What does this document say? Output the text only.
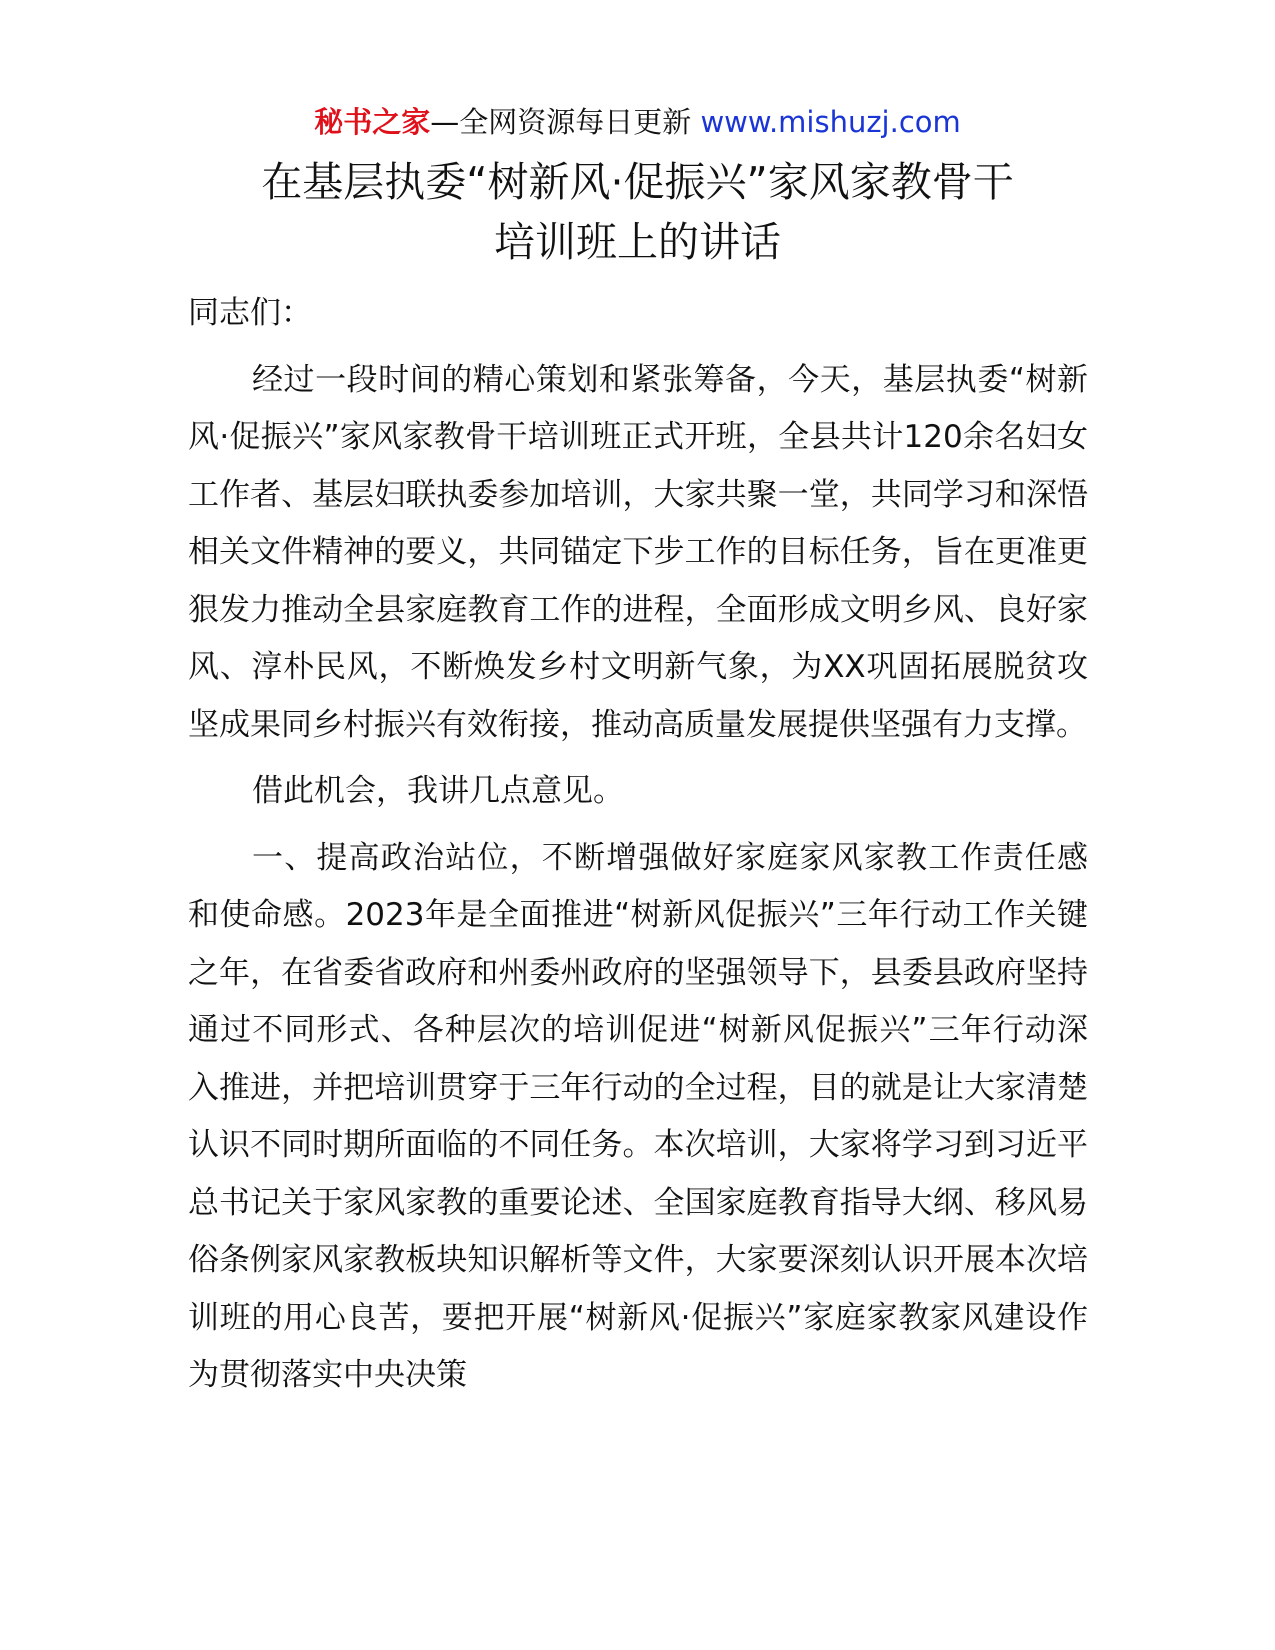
秘书之家—全网资源每日更新 www.mishuzj.com
在基层执委“树新风·促振兴”家风家教骨干
培训班上的讲话

同志们：

经过一段时间的精心策划和紧张筹备，今天，基层执委“树新风·促振兴”家风家教骨干培训班正式开班，全县共计120余名妇女工作者、基层妇联执委参加培训，大家共聚一堂，共同学习和深悟相关文件精神的要义，共同锚定下步工作的目标任务，旨在更准更狠发力推动全县家庭教育工作的进程，全面形成文明乡风、良好家风、淳朴民风，不断焕发乡村文明新气象，为XX巩固拓展脱贫攻坚成果同乡村振兴有效衔接，推动高质量发展提供坚强有力支撑。

借此机会，我讲几点意见。

一、提高政治站位，不断增强做好家庭家风家教工作责任感和使命感。2023年是全面推进“树新风促振兴”三年行动工作关键之年，在省委省政府和州委州政府的坚强领导下，县委县政府坚持通过不同形式、各种层次的培训促进“树新风促振兴”三年行动深入推进，并把培训贯穿于三年行动的全过程，目的就是让大家清楚认识不同时期所面临的不同任务。本次培训，大家将学习到习近平总书记关于家风家教的重要论述、全国家庭教育指导大纲、移风易俗条例家风家教板块知识解析等文件，大家要深刻认识开展本次培训班的用心良苦，要把开展“树新风·促振兴”家庭家教家风建设作为贯彻落实中央决策
